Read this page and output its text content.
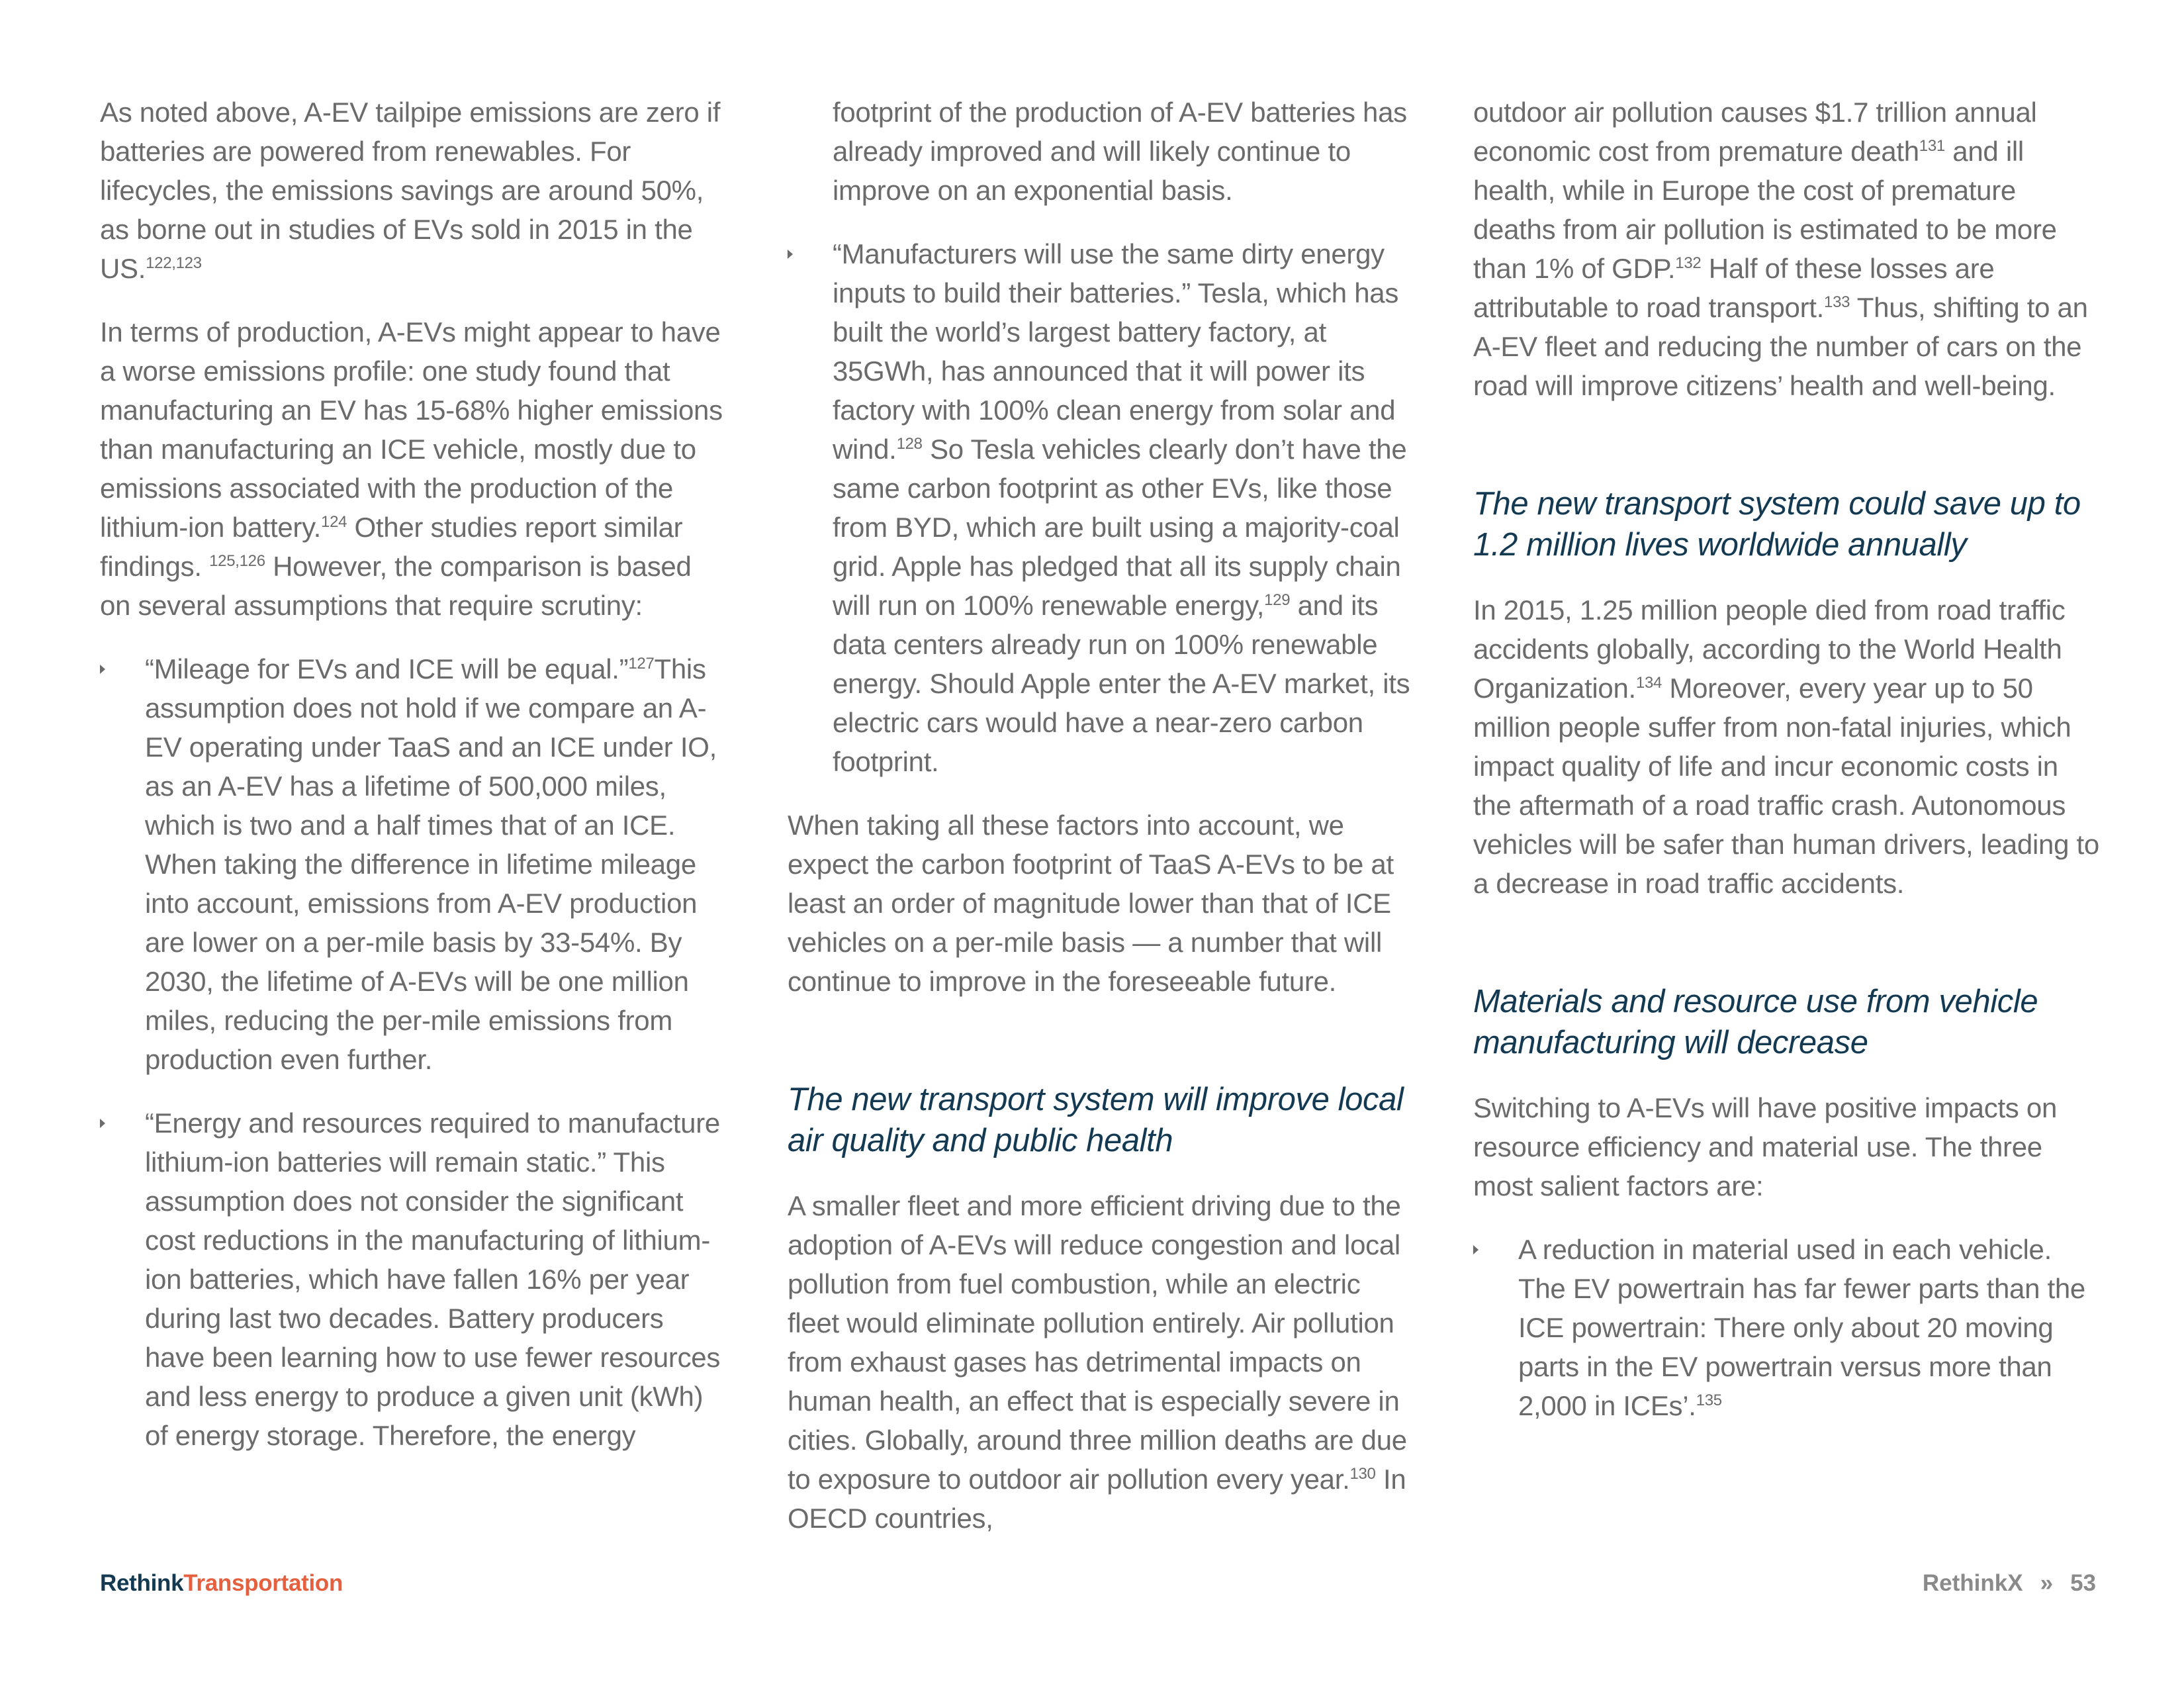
As noted above, A-EV tailpipe emissions are zero if batteries are powered from renewables. For lifecycles, the emissions savings are around 50%, as borne out in studies of EVs sold in 2015 in the US.$^{122,123}$

In terms of production, A-EVs might appear to have a worse emissions profile: one study found that manufacturing an EV has 15-68% higher emissions than manufacturing an ICE vehicle, mostly due to emissions associated with the production of the lithium-ion battery.$^{124}$ Other studies report similar findings. $^{125,126}$ However, the comparison is based on several assumptions that require scrutiny:

“Mileage for EVs and ICE will be equal.”$^{127}$This assumption does not hold if we compare an A-EV operating under TaaS and an ICE under IO, as an A-EV has a lifetime of 500,000 miles, which is two and a half times that of an ICE. When taking the difference in lifetime mileage into account, emissions from A-EV production are lower on a per-mile basis by 33-54%. By 2030, the lifetime of A-EVs will be one million miles, reducing the per-mile emissions from production even further.
“Energy and resources required to manufacture lithium-ion batteries will remain static.” This assumption does not consider the significant cost reductions in the manufacturing of lithium-ion batteries, which have fallen 16% per year during last two decades. Battery producers have been learning how to use fewer resources and less energy to produce a given unit (kWh) of energy storage. Therefore, the energy
footprint of the production of A-EV batteries has already improved and will likely continue to improve on an exponential basis.
“Manufacturers will use the same dirty energy inputs to build their batteries.” Tesla, which has built the world’s largest battery factory, at 35GWh, has announced that it will power its factory with 100% clean energy from solar and wind.$^{128}$ So Tesla vehicles clearly don’t have the same carbon footprint as other EVs, like those from BYD, which are built using a majority-coal grid. Apple has pledged that all its supply chain will run on 100% renewable energy,$^{129}$ and its data centers already run on 100% renewable energy. Should Apple enter the A-EV market, its electric cars would have a near-zero carbon footprint.

When taking all these factors into account, we expect the carbon footprint of TaaS A-EVs to be at least an order of magnitude lower than that of ICE vehicles on a per-mile basis — a number that will continue to improve in the foreseeable future.

The new transport system will improve local air quality and public health

A smaller fleet and more efficient driving due to the adoption of A-EVs will reduce congestion and local pollution from fuel combustion, while an electric fleet would eliminate pollution entirely. Air pollution from exhaust gases has detrimental impacts on human health, an effect that is especially severe in cities. Globally, around three million deaths are due to exposure to outdoor air pollution every year.$^{130}$ In OECD countries,

outdoor air pollution causes $1.7 trillion annual economic cost from premature death$^{131}$ and ill health, while in Europe the cost of premature deaths from air pollution is estimated to be more than 1% of GDP.$^{132}$ Half of these losses are attributable to road transport.$^{133}$ Thus, shifting to an A-EV fleet and reducing the number of cars on the road will improve citizens’ health and well-being.

The new transport system could save up to 1.2 million lives worldwide annually

In 2015, 1.25 million people died from road traffic accidents globally, according to the World Health Organization.$^{134}$ Moreover, every year up to 50 million people suffer from non-fatal injuries, which impact quality of life and incur economic costs in the aftermath of a road traffic crash. Autonomous vehicles will be safer than human drivers, leading to a decrease in road traffic accidents.

Materials and resource use from vehicle manufacturing will decrease

Switching to A-EVs will have positive impacts on resource efficiency and material use. The three most salient factors are:

A reduction in material used in each vehicle. The EV powertrain has far fewer parts than the ICE powertrain: There only about 20 moving parts in the EV powertrain versus more than 2,000 in ICEs’.$^{135}$
RethinkTransportation	RethinkX » 53
